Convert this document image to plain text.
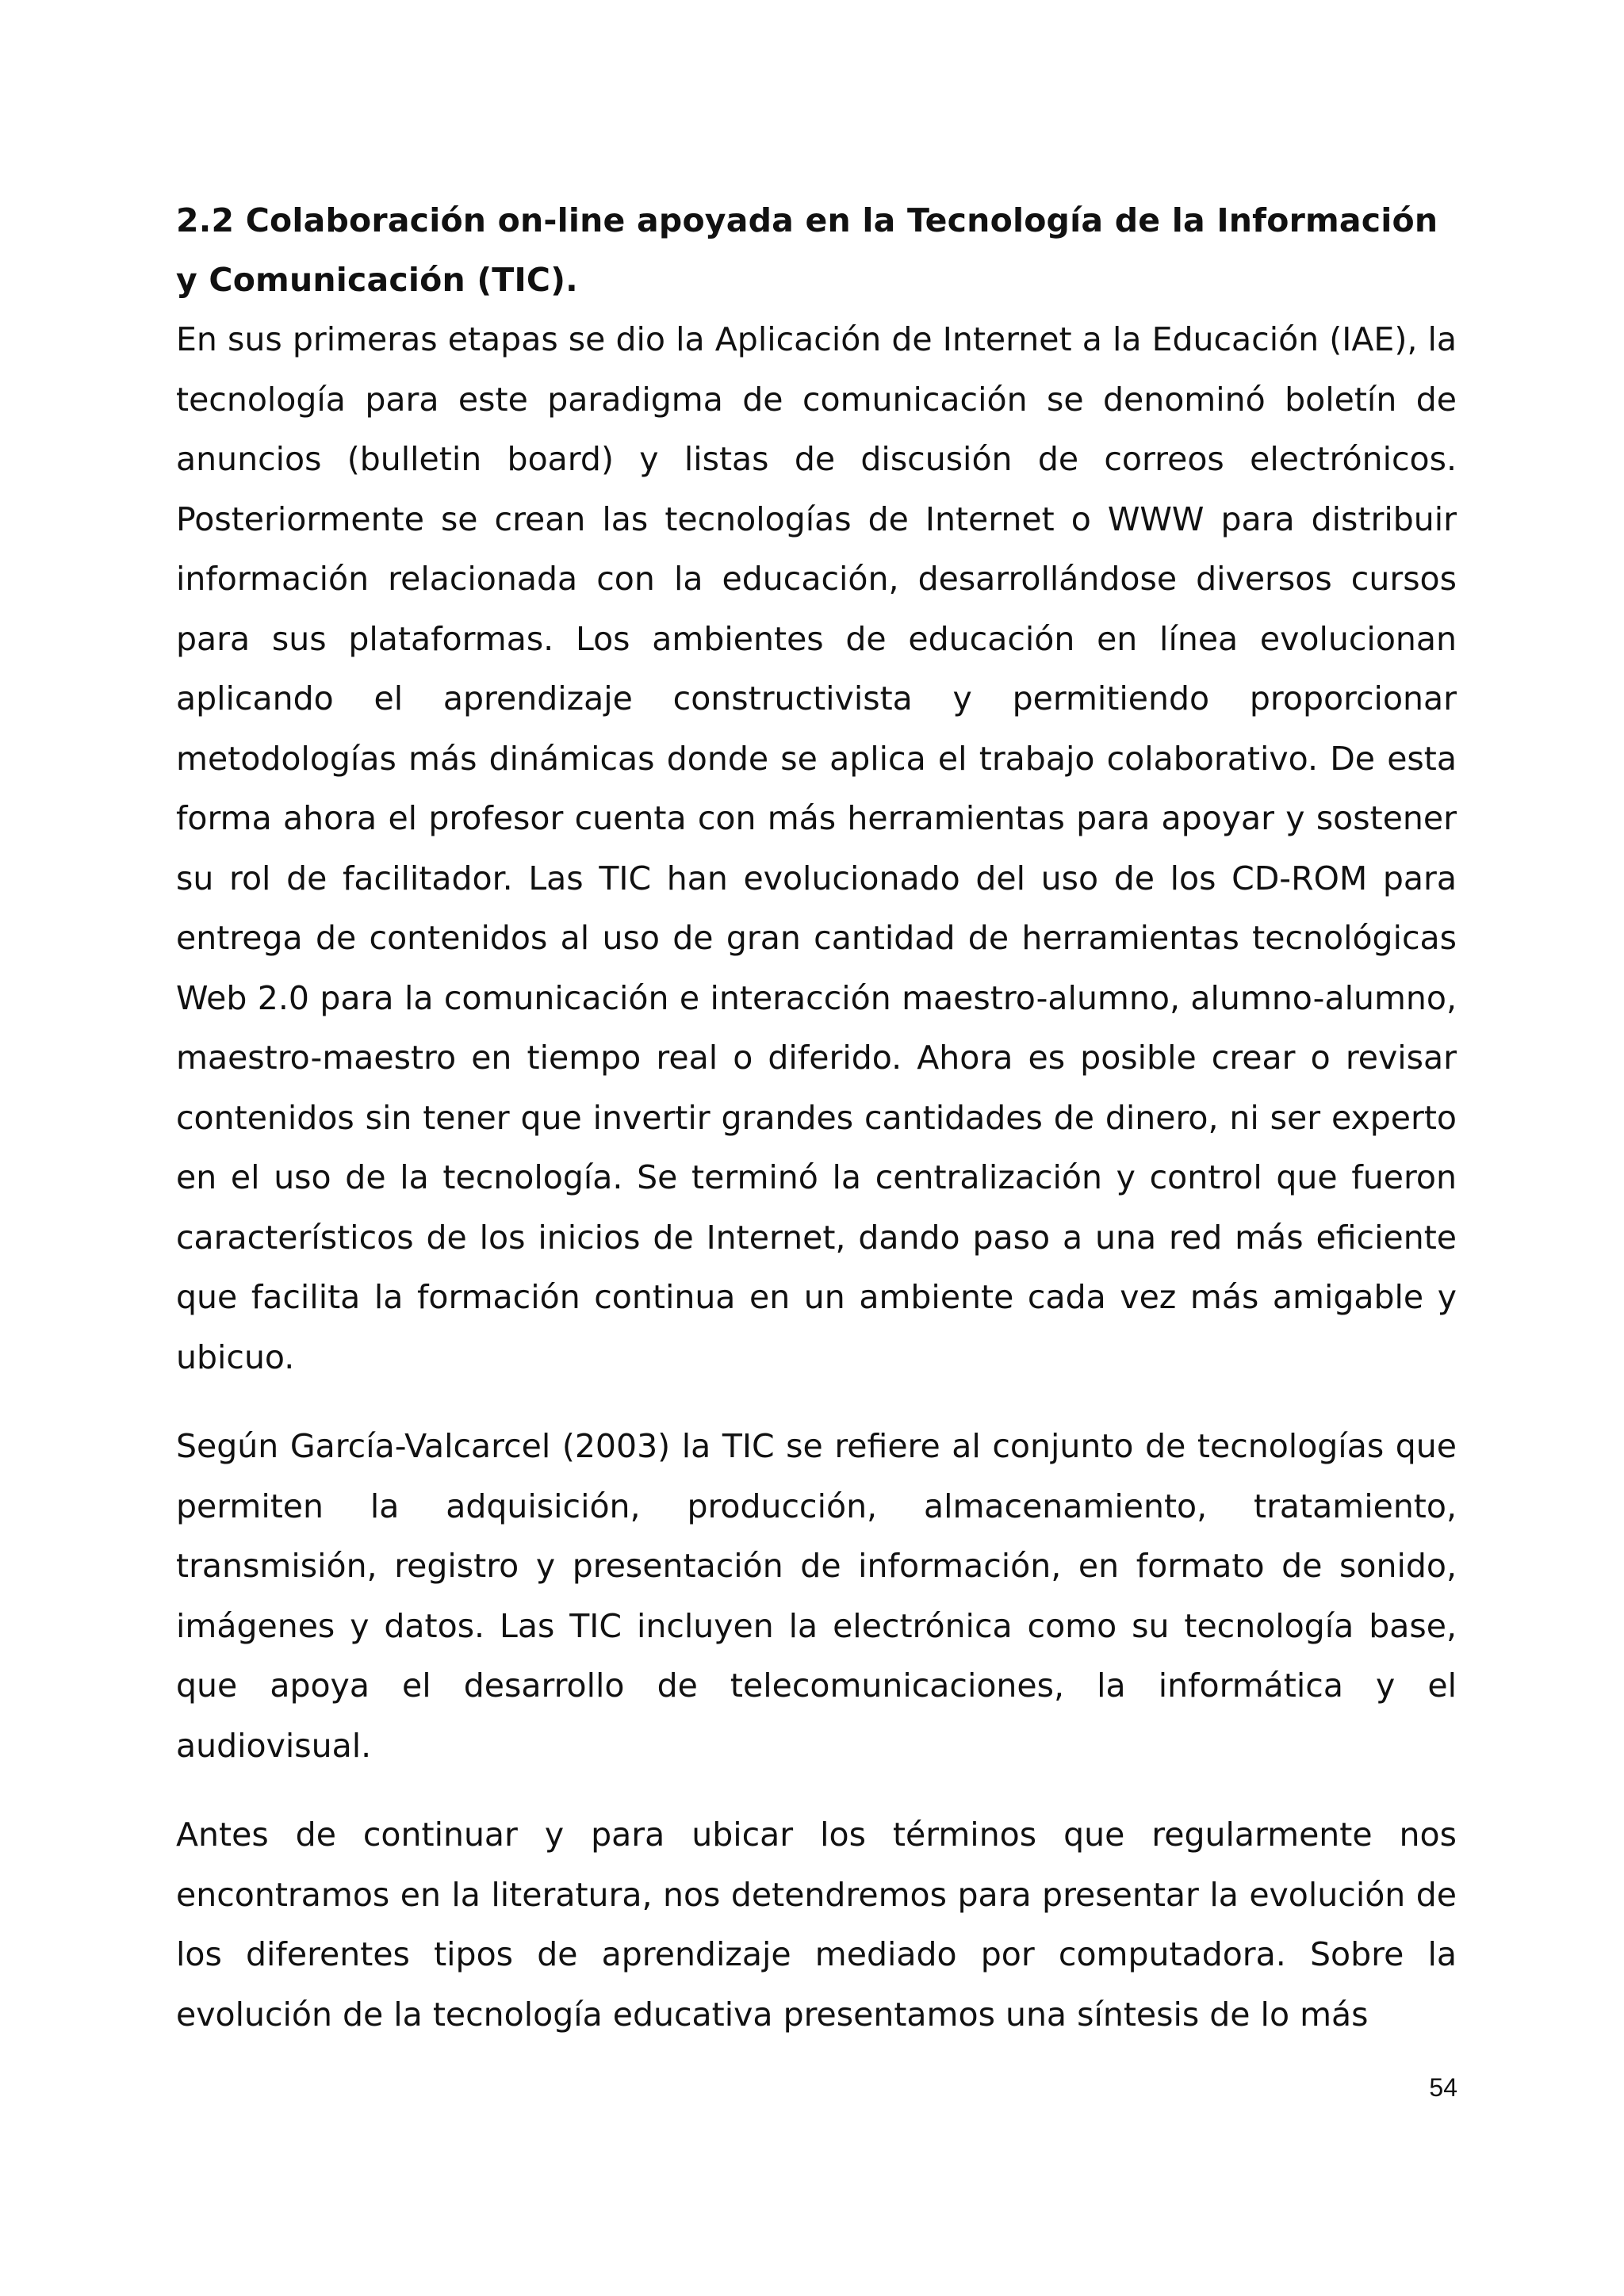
2.2 Colaboración on-line apoyada en la Tecnología de la Información y Comunicación (TIC).

En sus primeras etapas se dio la Aplicación de Internet a la Educación (IAE), la tecnología para este paradigma de comunicación se denominó boletín de anuncios (bulletin board) y listas de discusión de correos electrónicos. Posteriormente se crean las tecnologías de Internet o WWW para distribuir información relacionada con la educación, desarrollándose diversos cursos para sus plataformas. Los ambientes de educación en línea evolucionan aplicando el aprendizaje constructivista y permitiendo proporcionar metodologías más dinámicas donde se aplica el trabajo colaborativo. De esta forma ahora el profesor cuenta con más herramientas para apoyar y sostener su rol de facilitador. Las TIC han evolucionado del uso de los CD-ROM para entrega de contenidos al uso de gran cantidad de herramientas tecnológicas Web 2.0 para la comunicación e interacción maestro-alumno, alumno-alumno, maestro-maestro en tiempo real o diferido. Ahora es posible crear o revisar contenidos sin tener que invertir grandes cantidades de dinero, ni ser experto en el uso de la tecnología. Se terminó la centralización y control que fueron característicos de los inicios de Internet, dando paso a una red más eficiente que facilita la formación continua en un ambiente cada vez más amigable y ubicuo.

Según García-Valcarcel (2003) la TIC se refiere al conjunto de tecnologías que permiten la adquisición, producción, almacenamiento, tratamiento, transmisión, registro y presentación de información, en formato de sonido, imágenes y datos. Las TIC incluyen la electrónica como su tecnología base, que apoya el desarrollo de telecomunicaciones, la informática y el audiovisual.

Antes de continuar y para ubicar los términos que regularmente nos encontramos en la literatura, nos detendremos para presentar la evolución de los diferentes tipos de aprendizaje mediado por computadora. Sobre la evolución de la tecnología educativa presentamos una síntesis de lo más

54
